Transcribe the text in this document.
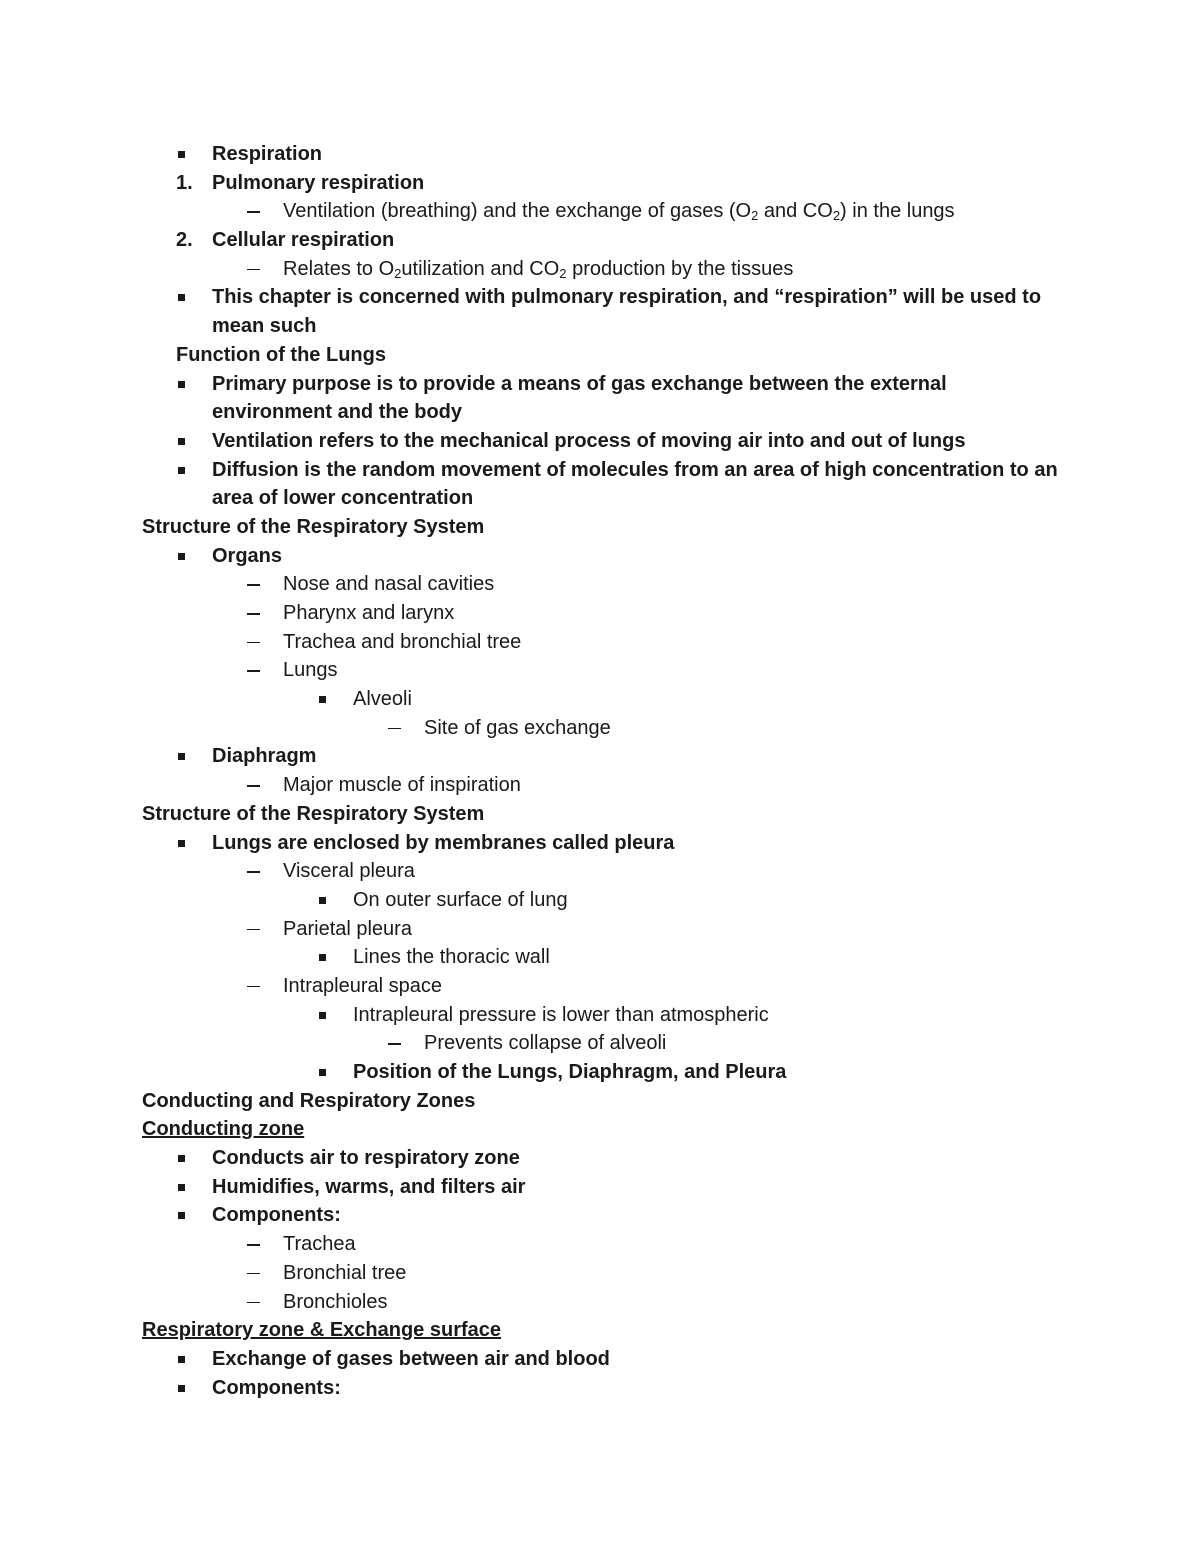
Respiration
1. Pulmonary respiration
Ventilation (breathing) and the exchange of gases ($O_2$ and $CO_2$) in the lungs
2. Cellular respiration
Relates to $O_2utilization$ and $CO_2$ production by the tissues
This chapter is concerned with pulmonary respiration, and “respiration” will be used to mean such
Function of the Lungs
Primary purpose is to provide a means of gas exchange between the external environment and the body
Ventilation refers to the mechanical process of moving air into and out of lungs
Diffusion is the random movement of molecules from an area of high concentration to an area of lower concentration
Structure of the Respiratory System
Organs
Nose and nasal cavities
Pharynx and larynx
Trachea and bronchial tree
Lungs
Alveoli
Site of gas exchange
Diaphragm
Major muscle of inspiration
Structure of the Respiratory System
Lungs are enclosed by membranes called pleura
Visceral pleura
On outer surface of lung
Parietal pleura
Lines the thoracic wall
Intrapleural space
Intrapleural pressure is lower than atmospheric
Prevents collapse of alveoli
Position of the Lungs, Diaphragm, and Pleura
Conducting and Respiratory Zones
Conducting zone
Conducts air to respiratory zone
Humidifies, warms, and filters air
Components:
Trachea
Bronchial tree
Bronchioles
Respiratory zone & Exchange surface
Exchange of gases between air and blood
Components:
